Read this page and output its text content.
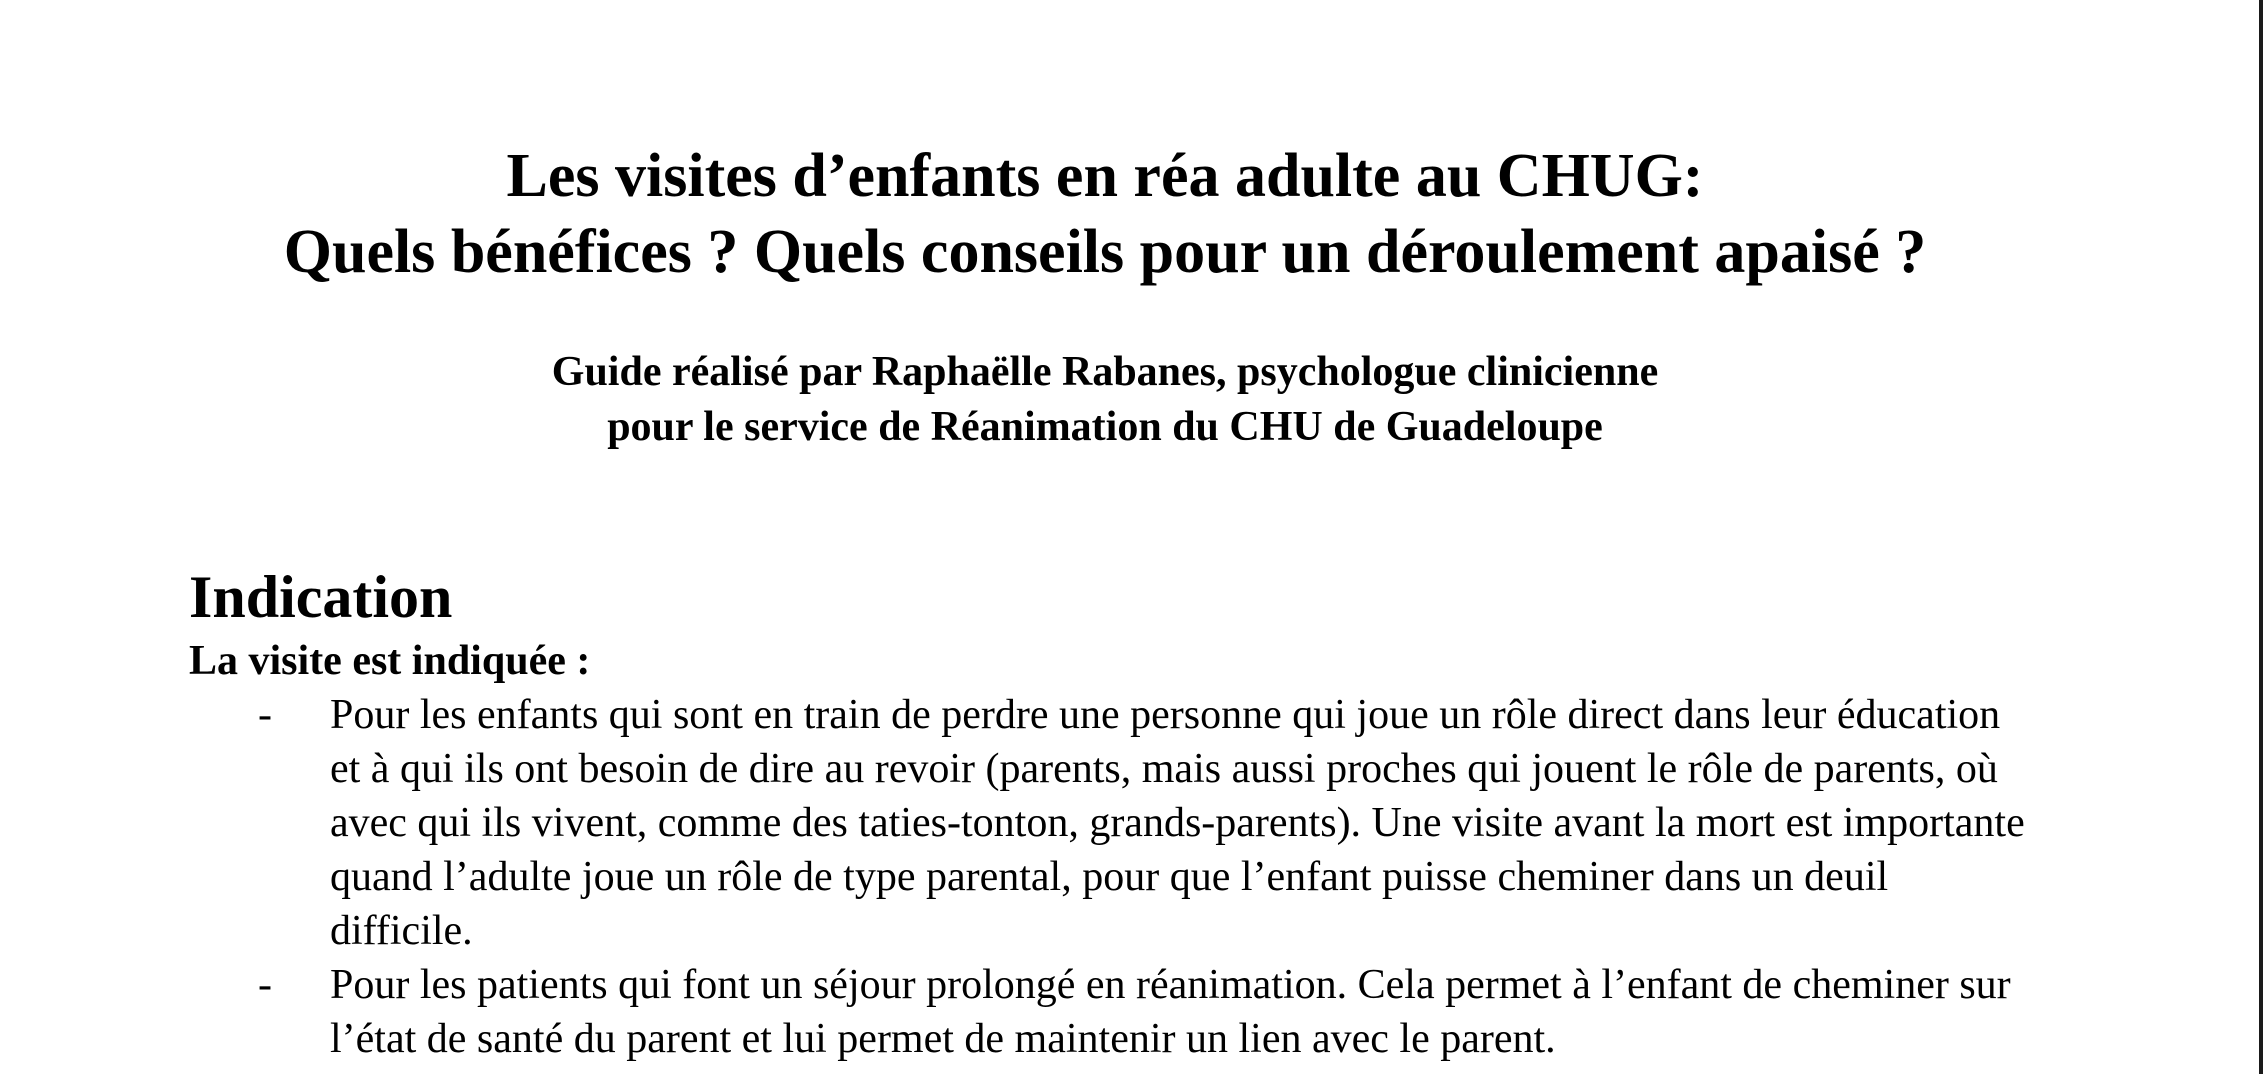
Les visites d’enfants en réa adulte au CHUG:
Quels bénéfices ? Quels conseils pour un déroulement apaisé ?
Guide réalisé par Raphaëlle Rabanes, psychologue clinicienne
pour le service de Réanimation du CHU de Guadeloupe
Indication
La visite est indiquée :
-	Pour les enfants qui sont en train de perdre une personne qui joue un rôle direct dans leur éducation et à qui ils ont besoin de dire au revoir (parents, mais aussi proches qui jouent le rôle de parents, où avec qui ils vivent, comme des taties-tonton, grands-parents). Une visite avant la mort est importante quand l’adulte joue un rôle de type parental, pour que l’enfant puisse cheminer dans un deuil difficile.
-	Pour les patients qui font un séjour prolongé en réanimation. Cela permet à l’enfant de cheminer sur l’état de santé du parent et lui permet de maintenir un lien avec le parent.
